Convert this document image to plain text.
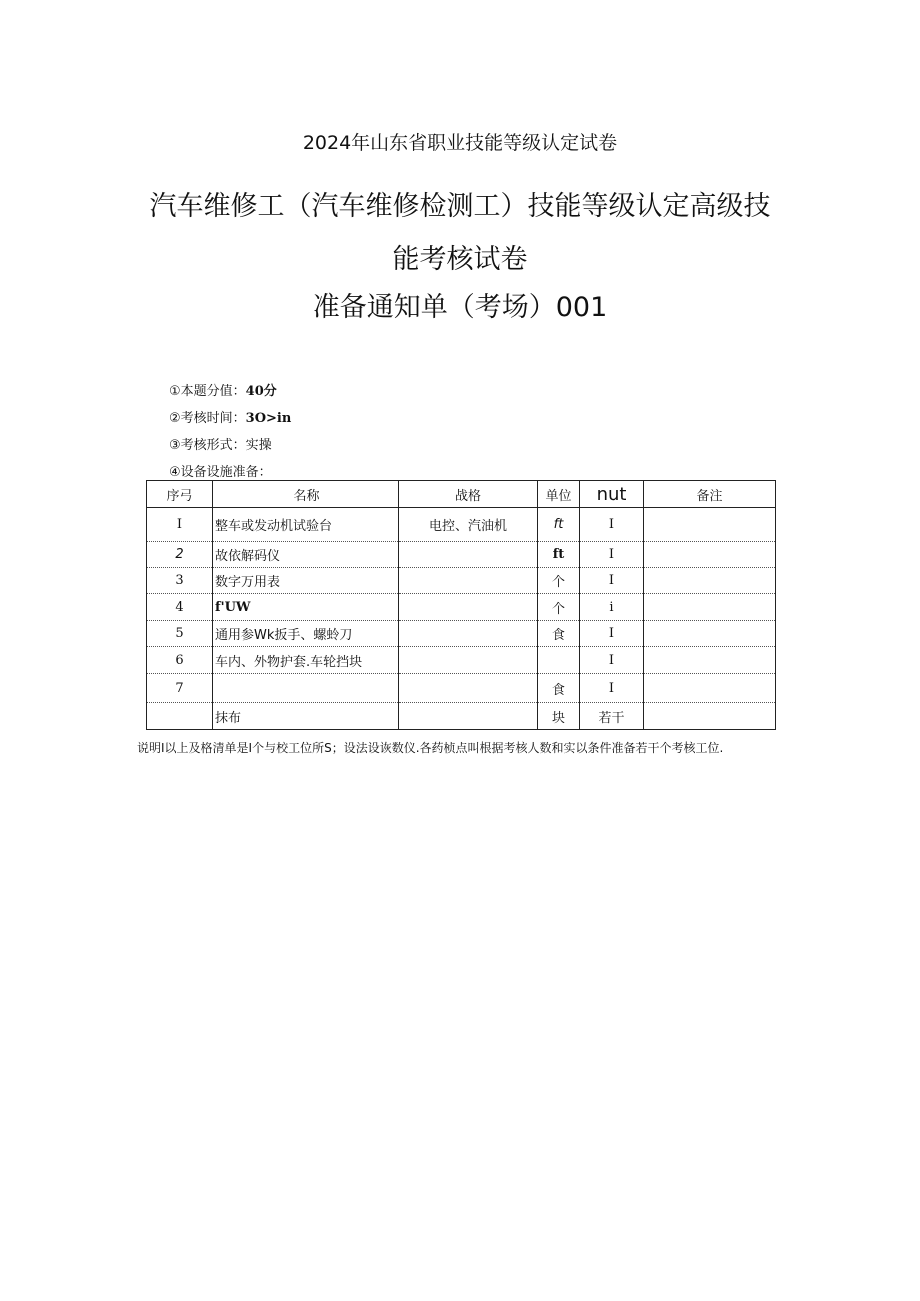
2024年山东省职业技能等级认定试卷
汽车维修工（汽车维修检测工）技能等级认定高级技
能考核试卷
准备通知单（考场）001
①本题分值：40分
②考核时间：3O>in
③考核形式：实操
④设备设施准备：
序弓	名称	战格	单位	nut	备注
I	整车或发动机试验台	电控、汽油机	ft	I	
2	故依解码仪		ft	I	
3	数字万用表		个	I	
4	f'UW		个	i	
5	通用参Wk扳手、螺蛉刀		食	I	
6	车内、外物护套.车轮挡块			I	
7			食	I	
	抹布		块	若干	
说明I以上及格清单是I个与校工位所S；设法设诙数仪.各药桢点叫根据考核人数和实以条件准备若干个考核工位.
